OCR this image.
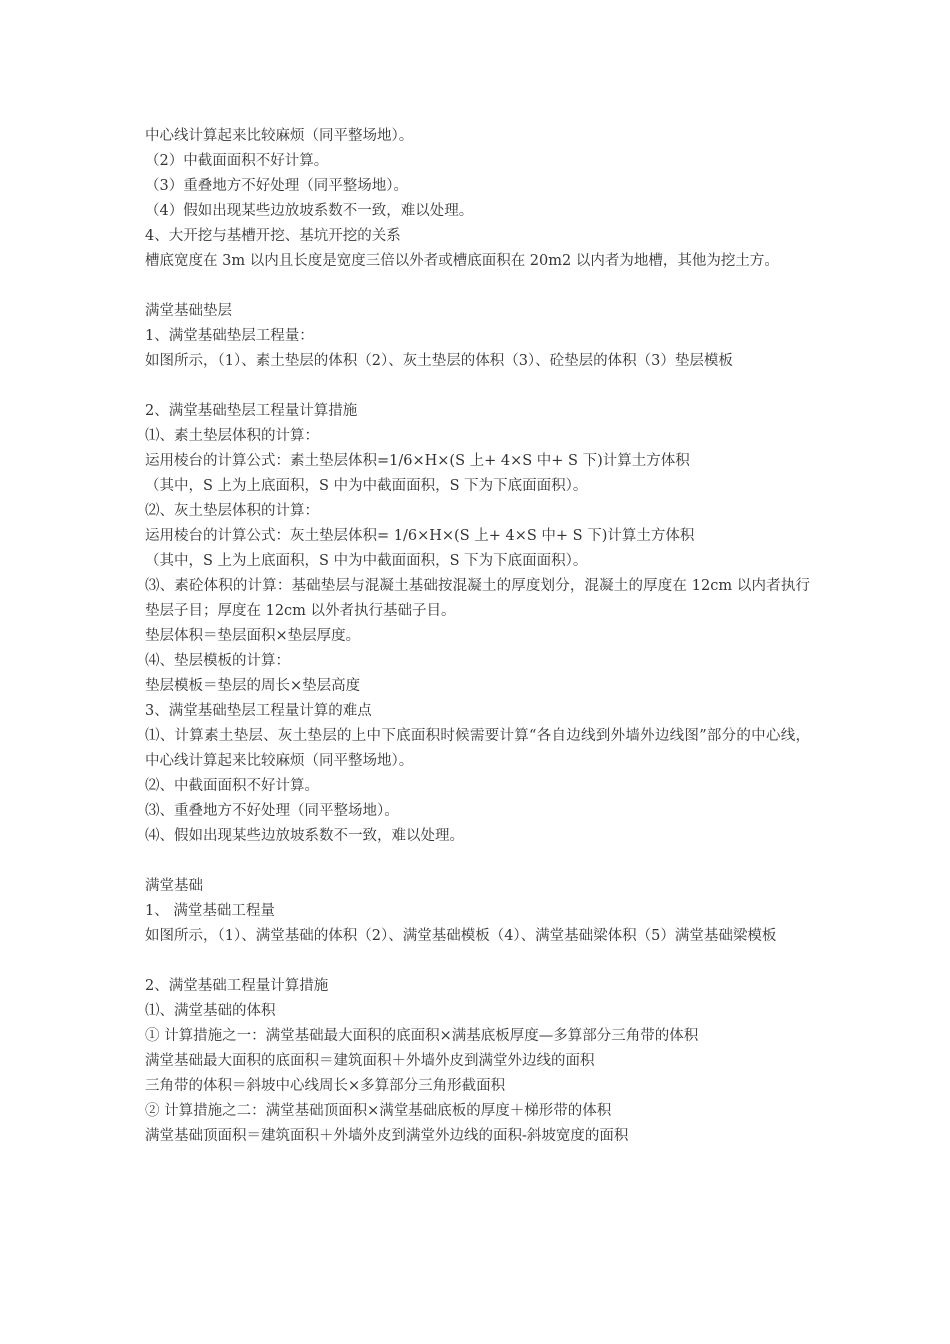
中心线计算起来比较麻烦（同平整场地）。
（2）中截面面积不好计算。
（3）重叠地方不好处理（同平整场地）。
（4）假如出现某些边放坡系数不一致，难以处理。
4、大开挖与基槽开挖、基坑开挖的关系
槽底宽度在 3m 以内且长度是宽度三倍以外者或槽底面积在 20m2 以内者为地槽，其他为挖土方。
满堂基础垫层
1、满堂基础垫层工程量：
如图所示，（1）、素土垫层的体积（2）、灰土垫层的体积（3）、砼垫层的体积（3）垫层模板
2、满堂基础垫层工程量计算措施
⑴、素土垫层体积的计算：
运用棱台的计算公式：素土垫层体积=1/6×H×(S 上+ 4×S 中+ S 下)计算土方体积
（其中，S 上为上底面积，S 中为中截面面积，S 下为下底面面积）。
⑵、灰土垫层体积的计算：
运用棱台的计算公式：灰土垫层体积= 1/6×H×(S 上+ 4×S 中+ S 下)计算土方体积
（其中，S 上为上底面积，S 中为中截面面积，S 下为下底面面积）。
⑶、素砼体积的计算：基础垫层与混凝土基础按混凝土的厚度划分，混凝土的厚度在 12cm 以内者执行垫层子目；厚度在 12cm 以外者执行基础子目。
垫层体积＝垫层面积×垫层厚度。
⑷、垫层模板的计算：
垫层模板＝垫层的周长×垫层高度
3、满堂基础垫层工程量计算的难点
⑴、计算素土垫层、灰土垫层的上中下底面积时候需要计算“各自边线到外墙外边线图”部分的中心线，中心线计算起来比较麻烦（同平整场地）。
⑵、中截面面积不好计算。
⑶、重叠地方不好处理（同平整场地）。
⑷、假如出现某些边放坡系数不一致，难以处理。
满堂基础
1、 满堂基础工程量
如图所示，（1）、满堂基础的体积（2）、满堂基础模板（4）、满堂基础梁体积（5）满堂基础梁模板
2、满堂基础工程量计算措施
⑴、满堂基础的体积
① 计算措施之一：满堂基础最大面积的底面积×满基底板厚度—多算部分三角带的体积
满堂基础最大面积的底面积＝建筑面积＋外墙外皮到满堂外边线的面积
三角带的体积＝斜坡中心线周长×多算部分三角形截面积
② 计算措施之二：满堂基础顶面积×满堂基础底板的厚度＋梯形带的体积
满堂基础顶面积＝建筑面积＋外墙外皮到满堂外边线的面积-斜坡宽度的面积
